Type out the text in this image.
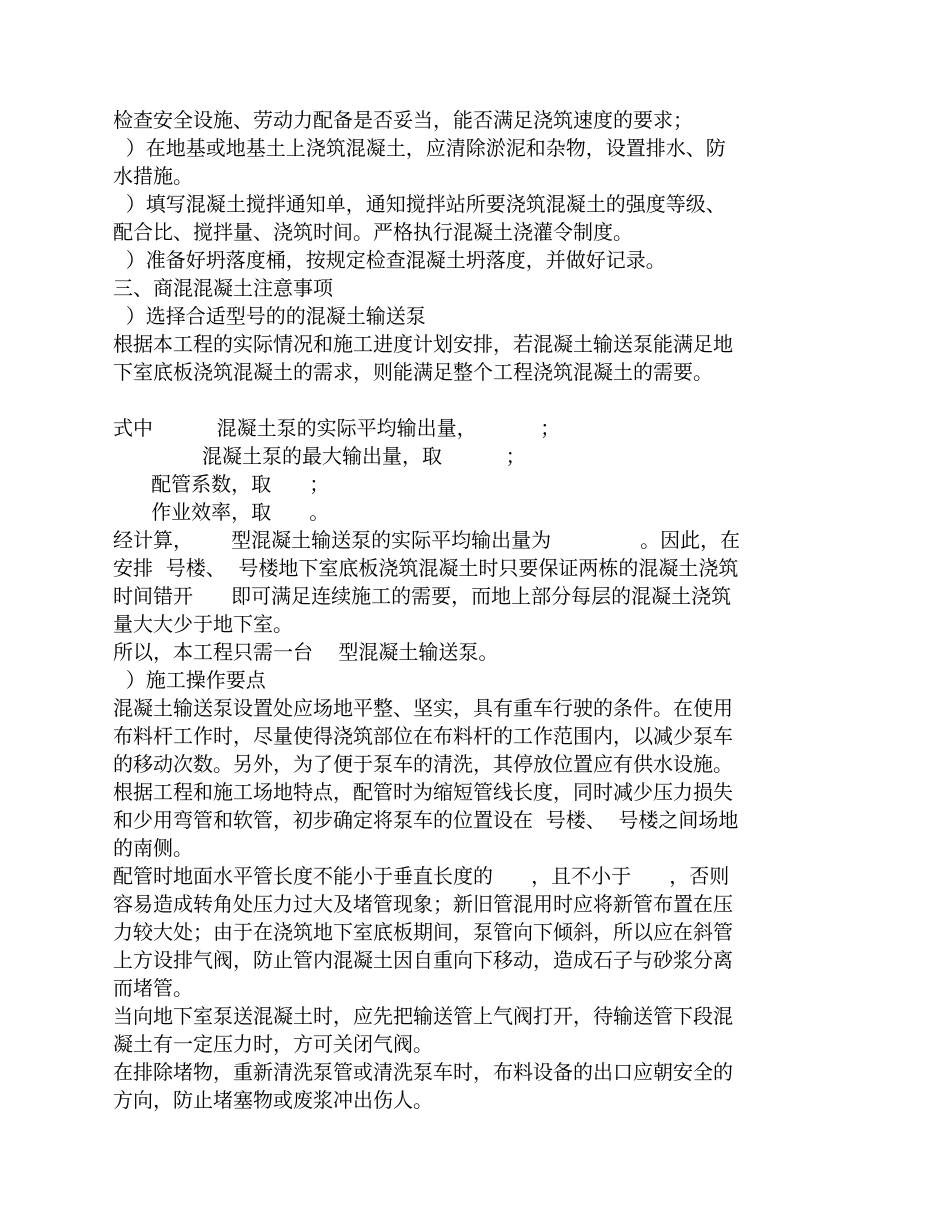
检查安全设施、劳动力配备是否妥当，能否满足浇筑速度的要求；
）在地基或地基土上浇筑混凝土，应清除淤泥和杂物，设置排水、防
水措施。
）填写混凝土搅拌通知单，通知搅拌站所要浇筑混凝土的强度等级、
配合比、搅拌量、浇筑时间。严格执行混凝土浇灌令制度。
）准备好坍落度桶，按规定检查混凝土坍落度，并做好记录。
三、商混混凝土注意事项
）选择合适型号的的混凝土输送泵
根据本工程的实际情况和施工进度计划安排，若混凝土输送泵能满足地
下室底板浇筑混凝土的需求，则能满足整个工程浇筑混凝土的需要。
式中          混凝土泵的实际平均输出量，          ；
混凝土泵的最大输出量，取          ；
配管系数，取      ；
作业效率，取      。
经计算，      型混凝土输送泵的实际平均输出量为              。因此，在
安排  号楼、  号楼地下室底板浇筑混凝土时只要保证两栋的混凝土浇筑
时间错开      即可满足连续施工的需要，而地上部分每层的混凝土浇筑
量大大少于地下室。
所以，本工程只需一台    型混凝土输送泵。
）施工操作要点
混凝土输送泵设置处应场地平整、坚实，具有重车行驶的条件。在使用
布料杆工作时，尽量使得浇筑部位在布料杆的工作范围内，以减少泵车
的移动次数。另外，为了便于泵车的清洗，其停放位置应有供水设施。
根据工程和施工场地特点，配管时为缩短管线长度，同时减少压力损失
和少用弯管和软管，初步确定将泵车的位置设在  号楼、  号楼之间场地
的南侧。
配管时地面水平管长度不能小于垂直长度的      ，且不小于      ，否则
容易造成转角处压力过大及堵管现象；新旧管混用时应将新管布置在压
力较大处；由于在浇筑地下室底板期间，泵管向下倾斜，所以应在斜管
上方设排气阀，防止管内混凝土因自重向下移动，造成石子与砂浆分离
而堵管。
当向地下室泵送混凝土时，应先把输送管上气阀打开，待输送管下段混
凝土有一定压力时，方可关闭气阀。
在排除堵物，重新清洗泵管或清洗泵车时，布料设备的出口应朝安全的
方向，防止堵塞物或废浆冲出伤人。
